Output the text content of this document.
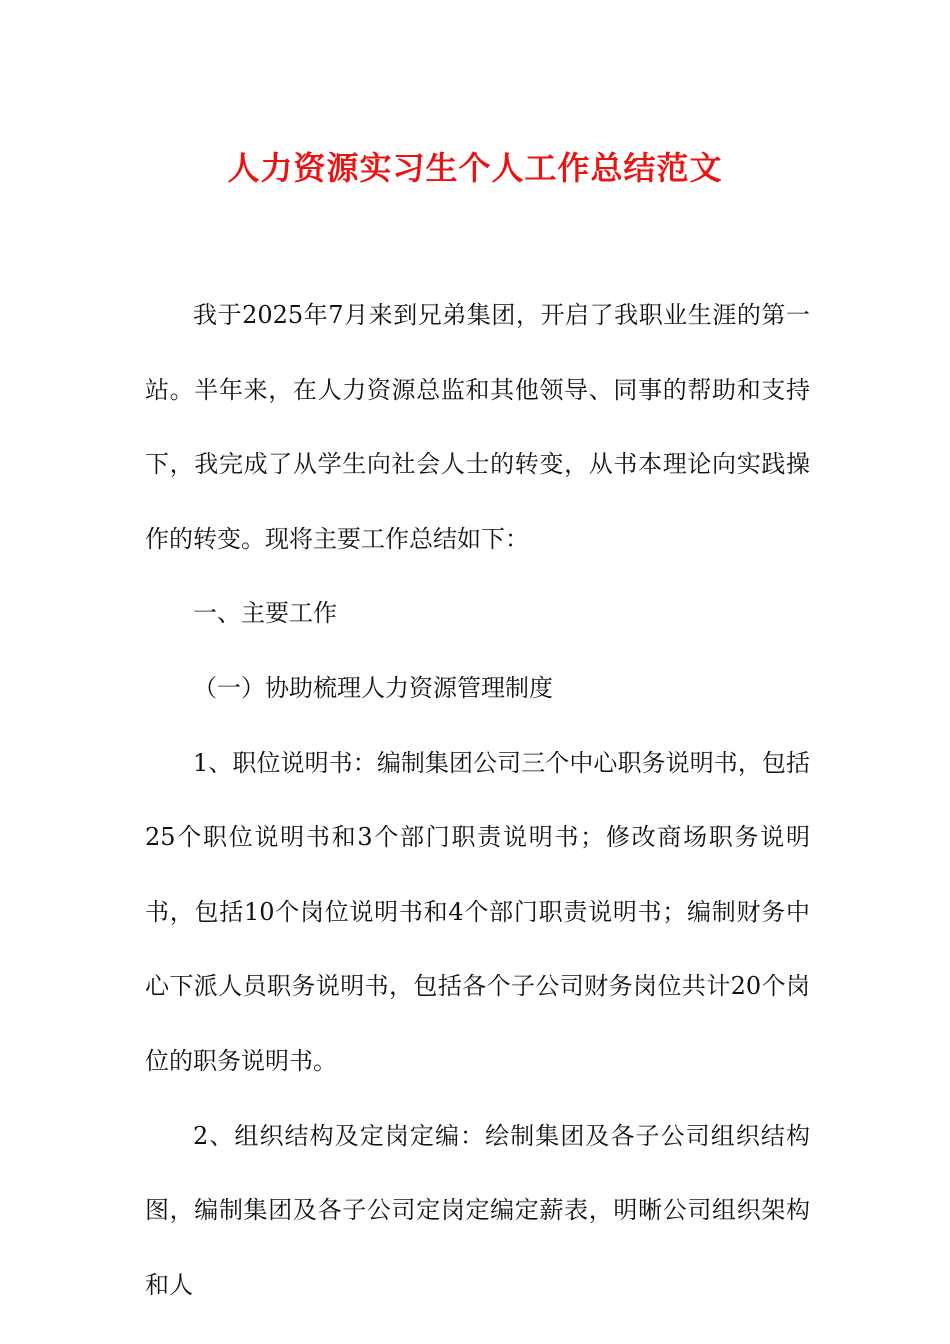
人力资源实习生个人工作总结范文

我于2025年7月来到兄弟集团，开启了我职业生涯的第一站。半年来，在人力资源总监和其他领导、同事的帮助和支持下，我完成了从学生向社会人士的转变，从书本理论向实践操作的转变。现将主要工作总结如下：

一、主要工作

（一）协助梳理人力资源管理制度

1、职位说明书：编制集团公司三个中心职务说明书，包括25个职位说明书和3个部门职责说明书；修改商场职务说明书，包括10个岗位说明书和4个部门职责说明书；编制财务中心下派人员职务说明书，包括各个子公司财务岗位共计20个岗位的职务说明书。

2、组织结构及定岗定编：绘制集团及各子公司组织结构图，编制集团及各子公司定岗定编定薪表，明晰公司组织架构和人
